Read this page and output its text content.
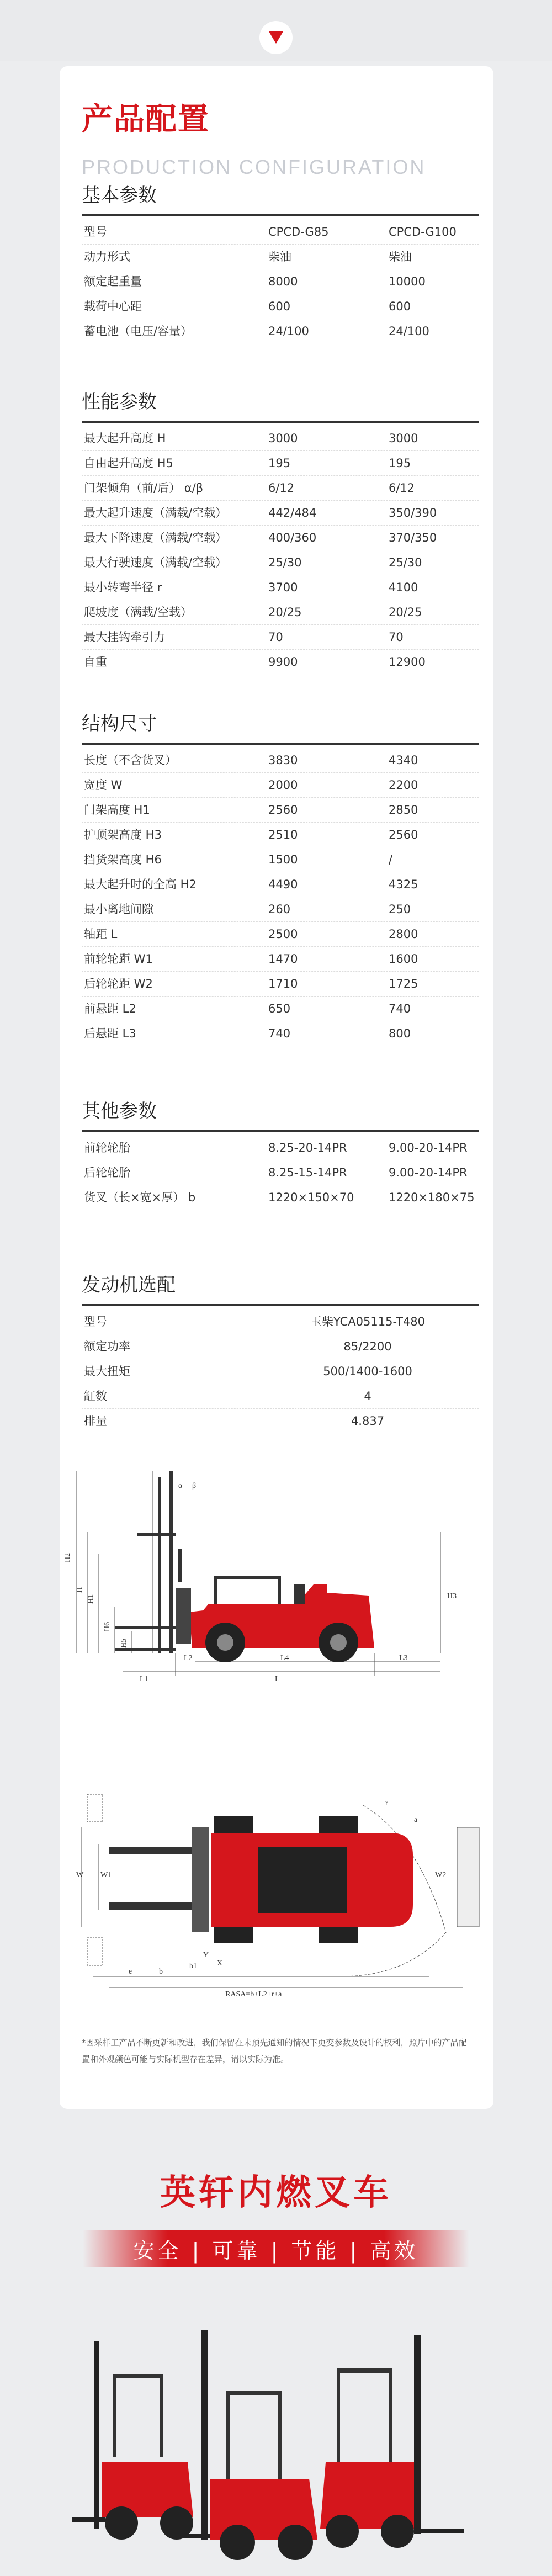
产品配置
PRODUCTION CONFIGURATION
基本参数
型号	CPCD-G85	CPCD-G100
动力形式	柴油	柴油
额定起重量	8000	10000
载荷中心距	600	600
蓄电池（电压/容量）	24/100	24/100
性能参数
最大起升高度 H	3000	3000
自由起升高度 H5	195	195
门架倾角（前/后） α/β	6/12	6/12
最大起升速度（满载/空载）	442/484	350/390
最大下降速度（满载/空载）	400/360	370/350
最大行驶速度（满载/空载）	25/30	25/30
最小转弯半径 r	3700	4100
爬坡度（满载/空载）	20/25	20/25
最大挂钩牵引力	70	70
自重	9900	12900
结构尺寸
长度（不含货叉）	3830	4340
宽度 W	2000	2200
门架高度 H1	2560	2850
护顶架高度 H3	2510	2560
挡货架高度 H6	1500	/
最大起升时的全高 H2	4490	4325
最小离地间隙	260	250
轴距 L	2500	2800
前轮轮距 W1	1470	1600
后轮轮距 W2	1710	1725
前悬距 L2	650	740
后悬距 L3	740	800
其他参数
前轮轮胎	8.25-20-14PR	9.00-20-14PR
后轮轮胎	8.25-15-14PR	9.00-20-14PR
货叉（长×宽×厚） b	1220×150×70	1220×180×75
发动机选配
型号	玉柴YCA05115-T480
额定功率	85/2200
最大扭矩	500/1400-1600
缸数	4
排量	4.837
H2
H
H1
H6
H5
H3
α β
L2	L4	L3
L1	L
W W1	W2
b
e
Y
b1
RASA=b+L2+r+a
X
a
r
*因采样工产品不断更新和改进，我们保留在未预先通知的情况下更变参数及设计的权利，照片中的产品配置和外观颜色可能与实际机型存在差异，请以实际为准。
英轩内燃叉车
安全 | 可靠 | 节能 | 高效
